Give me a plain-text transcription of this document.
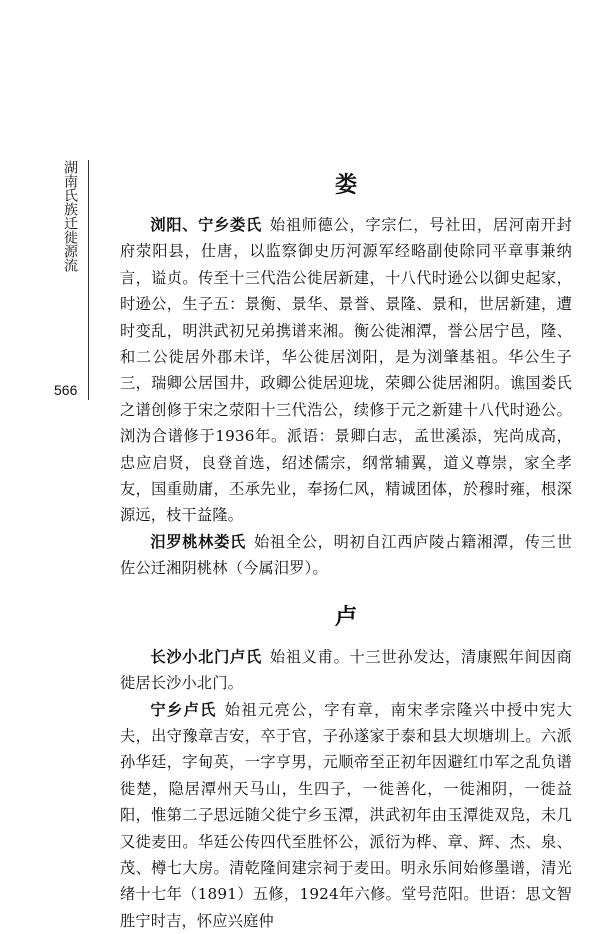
湖南氏族迁徙源流
566
娄

浏阳、宁乡娄氏 始祖师德公，字宗仁，号社田，居河南开封府荥阳县，仕唐，以监察御史历河源军经略副使除同平章事兼纳言，谥贞。传至十三代浩公徙居新建，十八代时逊公以御史起家，时逊公，生子五：景衡、景华、景誉、景隆、景和，世居新建，遭时变乱，明洪武初兄弟携谱来湘。衡公徙湘潭，誉公居宁邑，隆、和二公徙居外郡未详，华公徙居浏阳，是为浏肇基祖。华公生子三，瑞卿公居国井，政卿公徙居迎垅，荣卿公徙居湘阴。谯国娄氏之谱创修于宋之荥阳十三代浩公，续修于元之新建十八代时逊公。浏沩合谱修于1936年。派语：景卿白志，孟世溪添，宪尚成高，忠应启贤，良登首选，绍述儒宗，纲常辅翼，道义尊崇，家全孝友，国重勋庸，丕承先业，奉扬仁风，精诚团体，於穆时雍，根深源远，枝干益隆。

汨罗桃林娄氏 始祖全公，明初自江西庐陵占籍湘潭，传三世佐公迁湘阴桃林（今属汨罗）。

卢

长沙小北门卢氏 始祖义甫。十三世孙发达，清康熙年间因商徙居长沙小北门。

宁乡卢氏 始祖元亮公，字有章，南宋孝宗隆兴中授中宪大夫，出守豫章吉安，卒于官，子孙遂家于泰和县大坝塘圳上。六派孙华廷，字甸英，一字亨男，元顺帝至正初年因避红巾军之乱负谱徙楚，隐居潭州天马山，生四子，一徙善化，一徙湘阴，一徙益阳，惟第二子思远随父徙宁乡玉潭，洪武初年由玉潭徙双凫，未几又徙麦田。华廷公传四代至胜怀公，派衍为桦、章、辉、杰、泉、茂、樽七大房。清乾隆间建宗祠于麦田。明永乐间始修墨谱，清光绪十七年（1891）五修，1924年六修。堂号范阳。世语：思文智胜宁时吉，怀应兴庭仲
